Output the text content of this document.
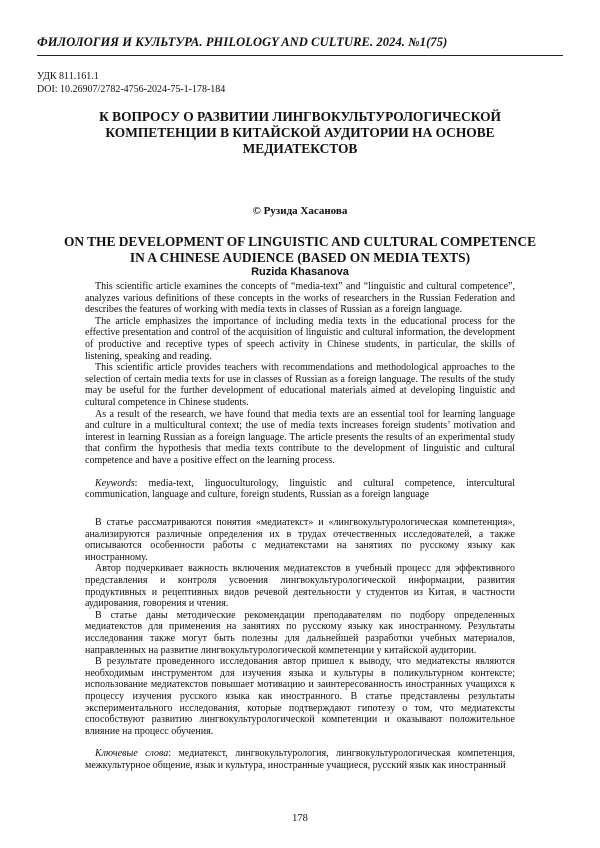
ФИЛОЛОГИЯ И КУЛЬТУРА. PHILOLOGY AND CULTURE. 2024. №1(75)
УДК 811.161.1
DOI: 10.26907/2782-4756-2024-75-1-178-184
К ВОПРОСУ О РАЗВИТИИ ЛИНГВОКУЛЬТУРОЛОГИЧЕСКОЙ КОМПЕТЕНЦИИ В КИТАЙСКОЙ АУДИТОРИИ НА ОСНОВЕ МЕДИАТЕКСТОВ
© Рузида Хасанова
ON THE DEVELOPMENT OF LINGUISTIC AND CULTURAL COMPETENCE IN A CHINESE AUDIENCE (BASED ON MEDIA TEXTS)
Ruzida Khasanova

This scientific article examines the concepts of “media-text” and “linguistic and cultural competence”, analyzes various definitions of these concepts in the works of researchers in the Russian Federation and describes the features of working with media texts in classes of Russian as a foreign language.

The article emphasizes the importance of including media texts in the educational process for the effective presentation and control of the acquisition of linguistic and cultural information, the development of productive and receptive types of speech activity in Chinese students, in particular, the skills of listening, speaking and reading.

This scientific article provides teachers with recommendations and methodological approaches to the selection of certain media texts for use in classes of Russian as a foreign language. The results of the study may be useful for the further development of educational materials aimed at developing linguistic and cultural competence in Chinese students.

As a result of the research, we have found that media texts are an essential tool for learning language and culture in a multicultural context; the use of media texts increases foreign students’ motivation and interest in learning Russian as a foreign language. The article presents the results of an experimental study that confirm the hypothesis that media texts contribute to the development of linguistic and cultural competence and have a positive effect on the learning process.

Keywords: media-text, linguoculturology, linguistic and cultural competence, intercultural communication, language and culture, foreign students, Russian as a foreign language

В статье рассматриваются понятия «медиатекст» и «лингвокультурологическая компетенция», анализируются различные определения их в трудах отечественных исследователей, а также описываются особенности работы с медиатекстами на занятиях по русскому языку как иностранному.

Автор подчеркивает важность включения медиатекстов в учебный процесс для эффективного представления и контроля усвоения лингвокультурологической информации, развития продуктивных и рецептивных видов речевой деятельности у студентов из Китая, в частности аудирования, говорения и чтения.

В статье даны методические рекомендации преподавателям по подбору определенных медиатекстов для применения на занятиях по русскому языку как иностранному. Результаты исследования также могут быть полезны для дальнейшей разработки учебных материалов, направленных на развитие лингвокультурологической компетенции у китайской аудитории.

В результате проведенного исследования автор пришел к выводу, что медиатексты являются необходимым инструментом для изучения языка и культуры в поликультурном контексте; использование медиатекстов повышает мотивацию и заинтересованность иностранных учащихся к процессу изучения русского языка как иностранного. В статье представлены результаты экспериментального исследования, которые подтверждают гипотезу о том, что медиатексты способствуют развитию лингвокультурологической компетенции и оказывают положительное влияние на процесс обучения.

Ключевые слова: медиатекст, лингвокультурология, лингвокультурологическая компетенция, межкультурное общение, язык и культура, иностранные учащиеся, русский язык как иностранный

178
